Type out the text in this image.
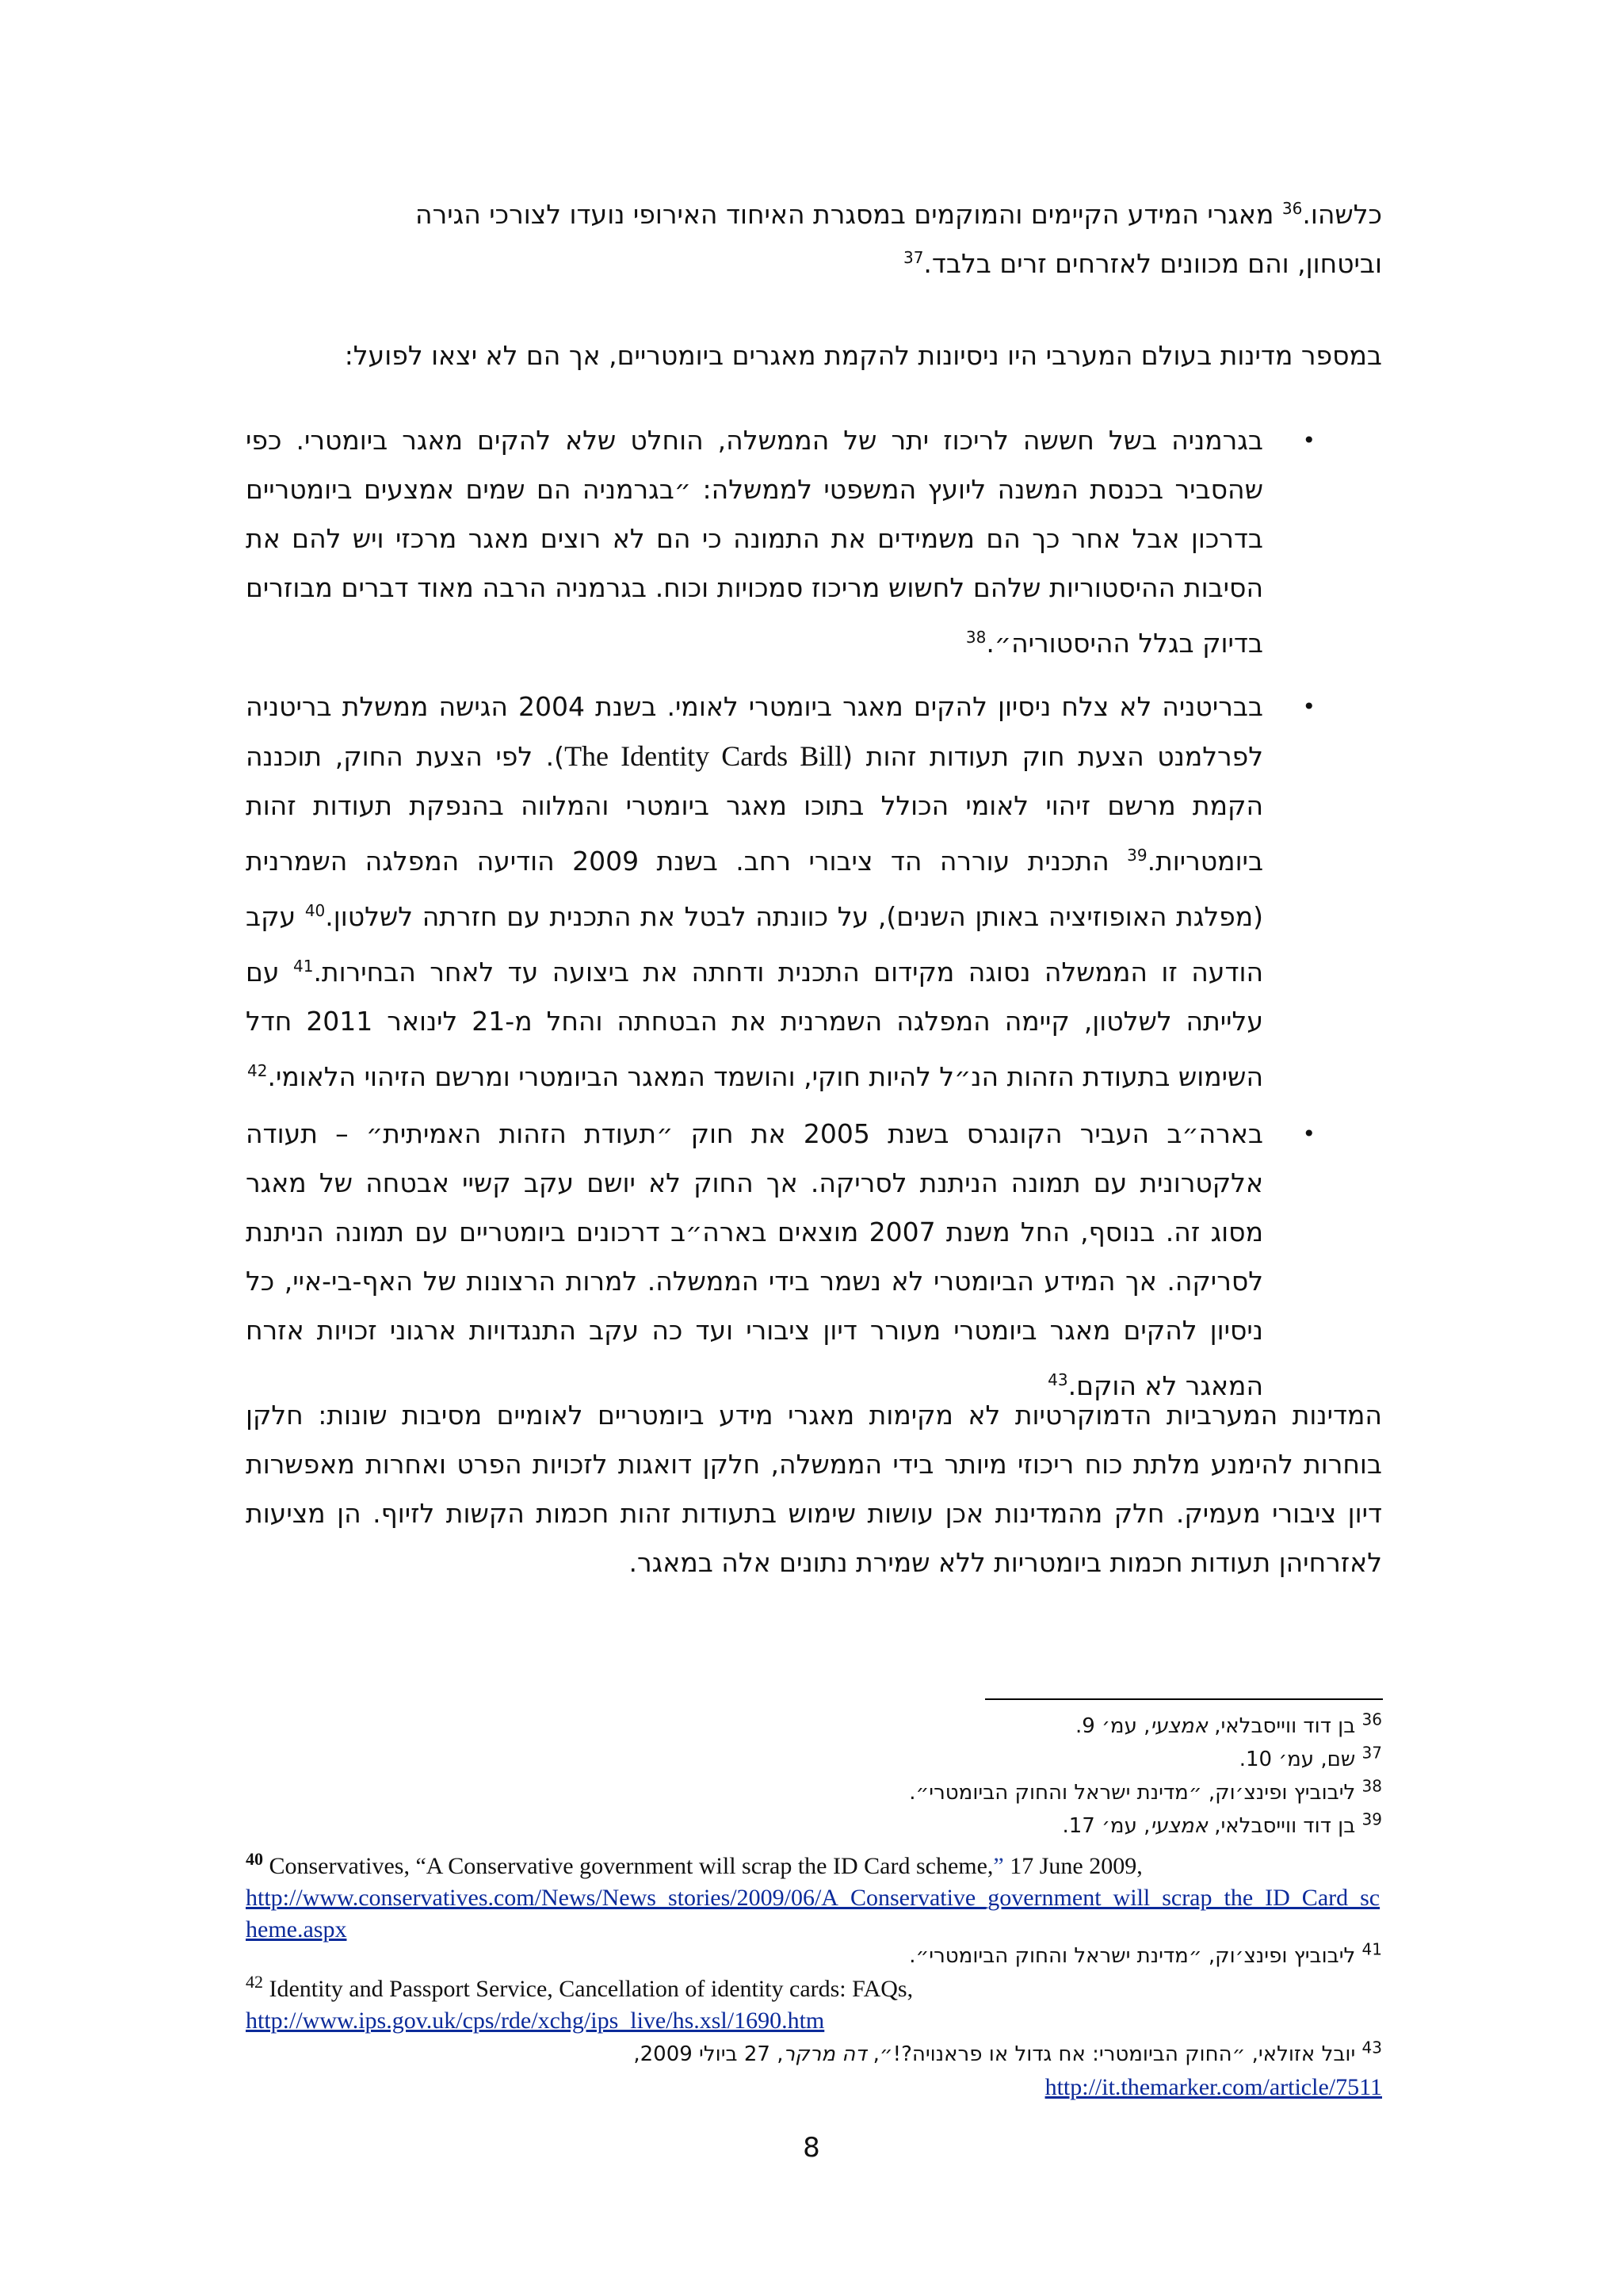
כלשהו.$^{36}$ מאגרי המידע הקיימים והמוקמים במסגרת האיחוד האירופי נועדו לצורכי הגירה

וביטחון, והם מכוונים לאזרחים זרים בלבד.$^{37}$

במספר מדינות בעולם המערבי היו ניסיונות להקמת מאגרים ביומטריים, אך הם לא יצאו לפועל:

•
בגרמניה בשל חששה לריכוז יתר של הממשלה, הוחלט שלא להקים מאגר ביומטרי. כפי שהסביר בכנסת המשנה ליועץ המשפטי לממשלה: ״בגרמניה הם שמים אמצעים ביומטריים בדרכון אבל אחר כך הם משמידים את התמונה כי הם לא רוצים מאגר מרכזי ויש להם את הסיבות ההיסטוריות שלהם לחשוש מריכוז סמכויות וכוח. בגרמניה הרבה מאוד דברים מבוזרים בדיוק בגלל ההיסטוריה״.$^{38}$
•
בבריטניה לא צלח ניסיון להקים מאגר ביומטרי לאומי. בשנת 2004 הגישה ממשלת בריטניה לפרלמנט הצעת חוק תעודות זהות (The Identity Cards Bill). לפי הצעת החוק, תוכננה הקמת מרשם זיהוי לאומי הכולל בתוכו מאגר ביומטרי והמלווה בהנפקת תעודות זהות ביומטריות.$^{39}$ התכנית עוררה הד ציבורי רחב. בשנת 2009 הודיעה המפלגה השמרנית (מפלגת האופוזיציה באותן השנים), על כוונתה לבטל את התכנית עם חזרתה לשלטון.$^{40}$ עקב הודעה זו הממשלה נסוגה מקידום התכנית ודחתה את ביצועה עד לאחר הבחירות.$^{41}$ עם עלייתה לשלטון, קיימה המפלגה השמרנית את הבטחתה והחל מ-21 לינואר 2011 חדל השימוש בתעודת הזהות הנ״ל להיות חוקי, והושמד המאגר הביומטרי ומרשם הזיהוי הלאומי.$^{42}$
•
בארה״ב העביר הקונגרס בשנת 2005 את חוק ״תעודת הזהות האמיתית״ – תעודה אלקטרונית עם תמונה הניתנת לסריקה. אך החוק לא יושם עקב קשיי אבטחה של מאגר מסוג זה. בנוסף, החל משנת 2007 מוצאים בארה״ב דרכונים ביומטריים עם תמונה הניתנת לסריקה. אך המידע הביומטרי לא נשמר בידי הממשלה. למרות הרצונות של האף-בי-איי, כל ניסיון להקים מאגר ביומטרי מעורר דיון ציבורי ועד כה עקב התנגדויות ארגוני זכויות אזרח המאגר לא הוקם.$^{43}$

המדינות המערביות הדמוקרטיות לא מקימות מאגרי מידע ביומטריים לאומיים מסיבות שונות: חלקן בוחרות להימנע מלתת כוח ריכוזי מיותר בידי הממשלה, חלקן דואגות לזכויות הפרט ואחרות מאפשרות דיון ציבורי מעמיק. חלק מהמדינות אכן עושות שימוש בתעודות זהות חכמות הקשות לזיוף. הן מציעות לאזרחיהן תעודות חכמות ביומטריות ללא שמירת נתונים אלה במאגר.

$^{36}$ בן דוד ווייסבלאי, אמצעי, עמ׳ 9.
$^{37}$ שם, עמ׳ 10.
$^{38}$ ליבוביץ ופינצ׳וק, ״מדינת ישראל והחוק הביומטרי״.
$^{39}$ בן דוד ווייסבלאי, אמצעי, עמ׳ 17.
$^{40}$ Conservatives, “A Conservative government will scrap the ID Card scheme,” 17 June 2009,
http://www.conservatives.com/News/News_stories/2009/06/A_Conservative_government_will_scrap_the_ID_Card_scheme.aspx
$^{41}$ ליבוביץ ופינצ׳וק, ״מדינת ישראל והחוק הביומטרי״.
$^{42}$ Identity and Passport Service, Cancellation of identity cards: FAQs,
http://www.ips.gov.uk/cps/rde/xchg/ips_live/hs.xsl/1690.htm
$^{43}$ יובל אזולאי, ״החוק הביומטרי: אח גדול או פראנויה?!״, דה מרקר, 27 ביולי 2009,
http://it.themarker.com/article/7511
8
